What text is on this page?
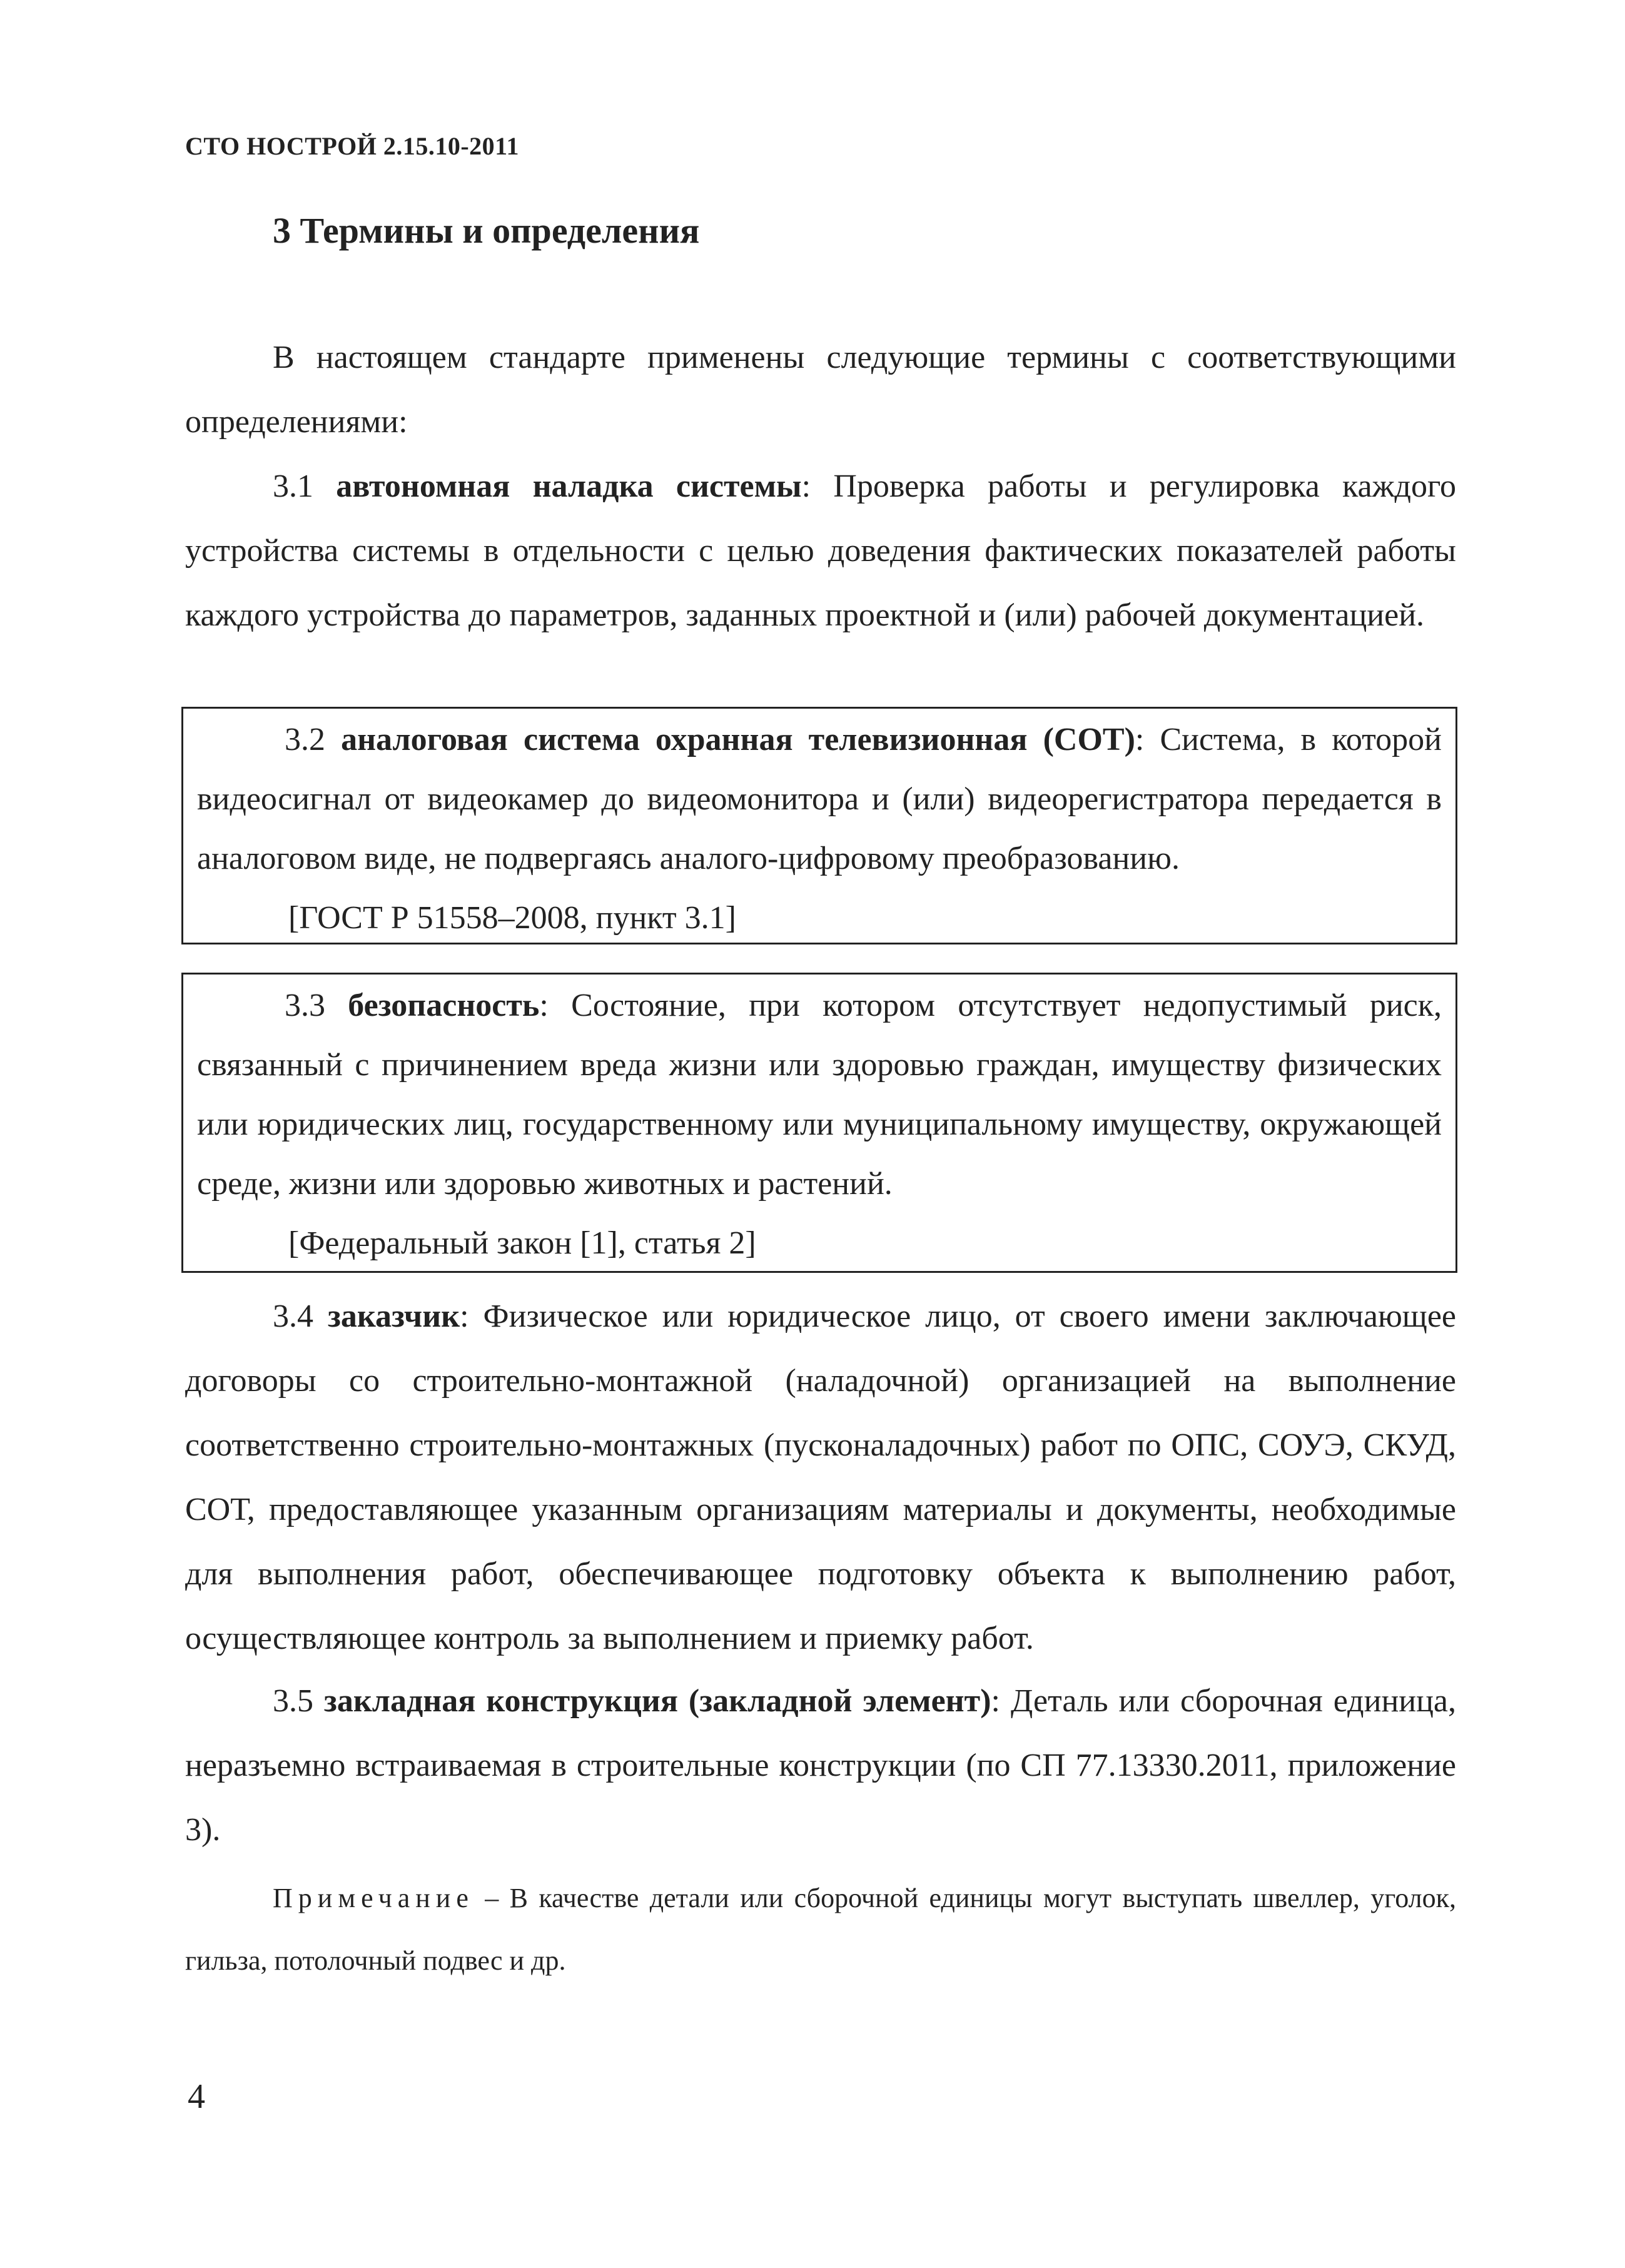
СТО НОСТРОЙ 2.15.10-2011
3 Термины и определения

В настоящем стандарте применены следующие термины с соответствующими определениями:

3.1 автономная наладка системы: Проверка работы и регулировка каждого устройства системы в отдельности с целью доведения фактических показателей работы каждого устройства до параметров, заданных проектной и (или) рабочей документацией.

3.2 аналоговая система охранная телевизионная (СОТ): Система, в которой видеосигнал от видеокамер до видеомонитора и (или) видеорегистратора передается в аналоговом виде, не подвергаясь аналого-цифровому преобразованию.

[ГОСТ Р 51558–2008, пункт 3.1]

3.3 безопасность: Состояние, при котором отсутствует недопустимый риск, связанный с причинением вреда жизни или здоровью граждан, имуществу физических или юридических лиц, государственному или муниципальному имуществу, окружающей среде, жизни или здоровью животных и растений.

[Федеральный закон [1], статья 2]

3.4 заказчик: Физическое или юридическое лицо, от своего имени заключающее договоры со строительно-монтажной (наладочной) организацией на выполнение соответственно строительно-монтажных (пусконаладочных) работ по ОПС, СОУЭ, СКУД, СОТ, предоставляющее указанным организациям материалы и документы, необходимые для выполнения работ, обеспечивающее подготовку объекта к выполнению работ, осуществляющее контроль за выполнением и приемку работ.

3.5 закладная конструкция (закладной элемент): Деталь или сборочная единица, неразъемно встраиваемая в строительные конструкции (по СП 77.13330.2011, приложение 3).

Примечание – В качестве детали или сборочной единицы могут выступать швеллер, уголок, гильза, потолочный подвес и др.

4
